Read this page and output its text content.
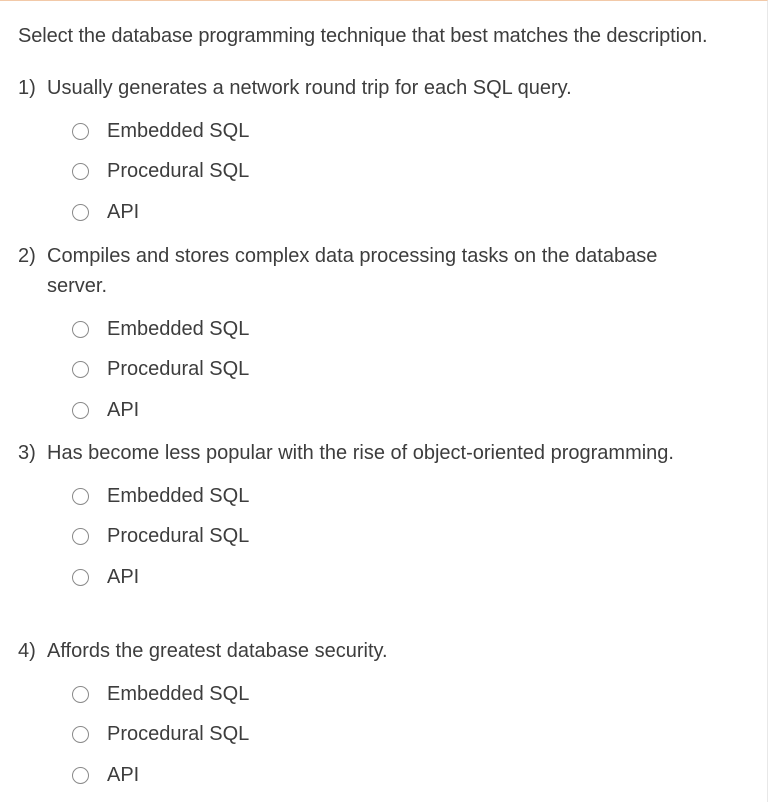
Select the database programming technique that best matches the description.
1) Usually generates a network round trip for each SQL query.
Embedded SQL
Procedural SQL
API
2) Compiles and stores complex data processing tasks on the database server.
Embedded SQL
Procedural SQL
API
3) Has become less popular with the rise of object-oriented programming.
Embedded SQL
Procedural SQL
API
4) Affords the greatest database security.
Embedded SQL
Procedural SQL
API
